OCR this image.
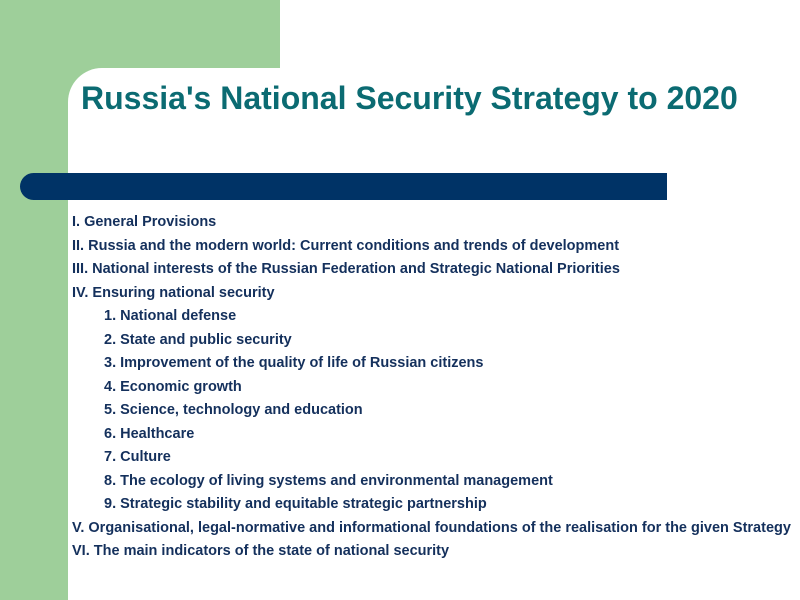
Russia's National Security Strategy to 2020
I. General Provisions
II. Russia and the modern world: Current conditions and trends of development
III. National interests of the Russian Federation and Strategic National Priorities
IV. Ensuring national security
1. National defense
2. State and public security
3. Improvement of the quality of life of Russian citizens
4. Economic growth
5. Science, technology and education
6. Healthcare
7. Culture
8. The ecology of living systems and environmental management
9. Strategic stability and equitable strategic partnership
V. Organisational, legal-normative and informational foundations of the realisation for the given Strategy
VI. The main indicators of the state of national security
